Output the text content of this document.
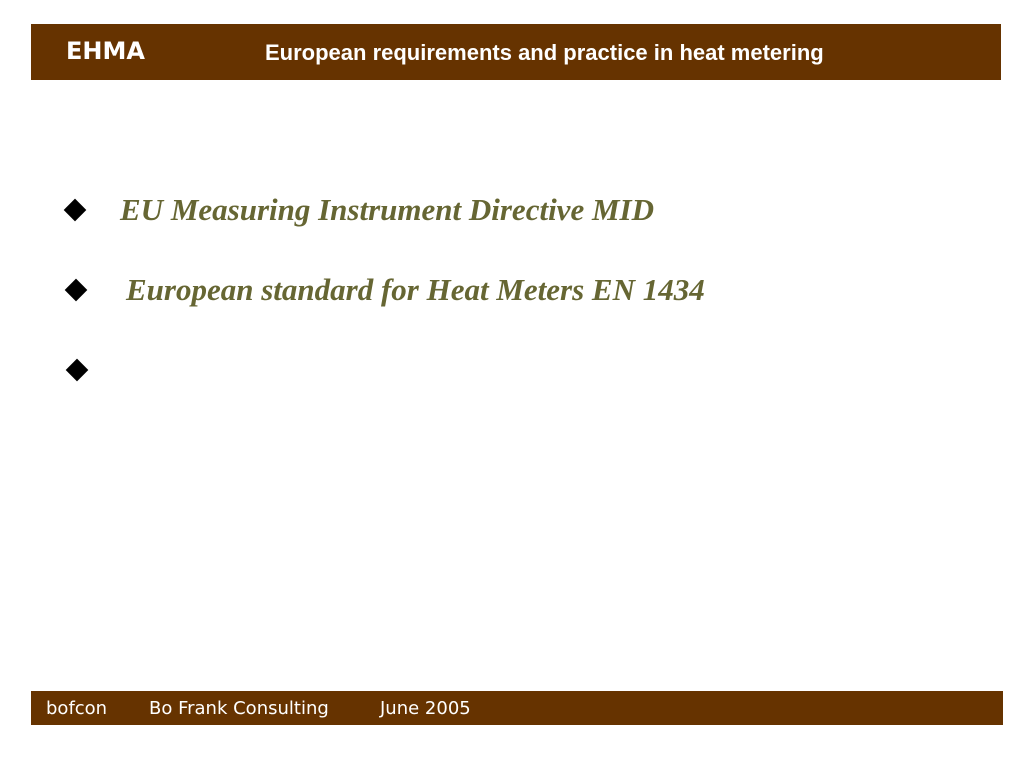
EHMA	European requirements and practice in heat metering
EU Measuring Instrument Directive MID
European standard for Heat Meters EN 1434
bofcon Bo Frank Consulting	June 2005
